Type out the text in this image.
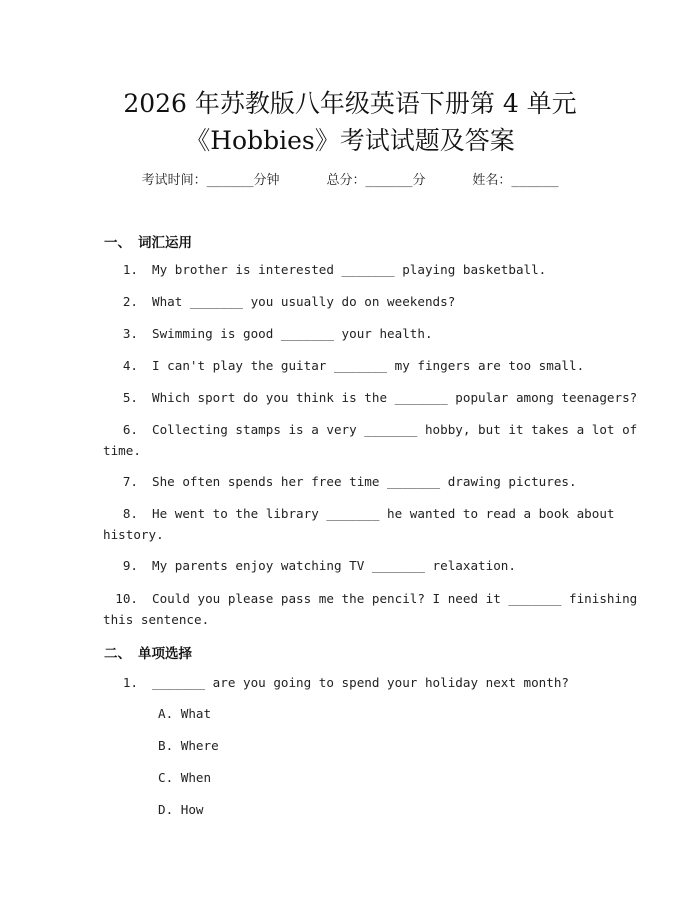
2026 年苏教版八年级英语下册第 4 单元
《Hobbies》考试试题及答案
考试时间：______分钟      总分：______分      姓名：______
一、 词汇运用
1. My brother is interested _______ playing basketball.
2. What _______ you usually do on weekends?
3. Swimming is good _______ your health.
4. I can't play the guitar _______ my fingers are too small.
5. Which sport do you think is the _______ popular among teenagers?
6. Collecting stamps is a very _______ hobby, but it takes a lot of
time.
7. She often spends her free time _______ drawing pictures.
8. He went to the library _______ he wanted to read a book about
history.
9. My parents enjoy watching TV _______ relaxation.
10. Could you please pass me the pencil? I need it _______ finishing
this sentence.
二、 单项选择
1. _______ are you going to spend your holiday next month?
A. What
B. Where
C. When
D. How
